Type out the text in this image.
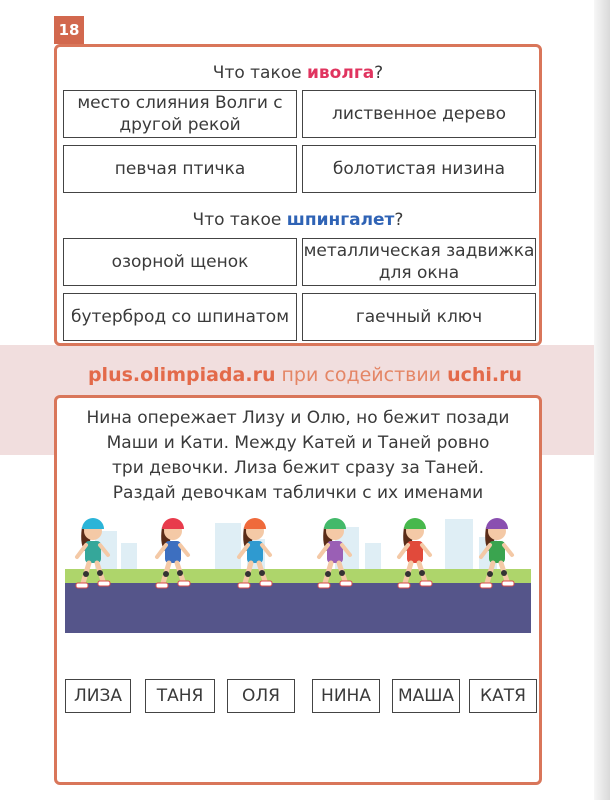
18
Что такое иволга?
место слияния Волги с другой рекой
лиственное дерево
певчая птичка	болотистая низина
Что такое шпингалет?
озорной щенок
металлическая задвижка для окна
бутерброд со шпинатом	гаечный ключ
plus.olimpiada.ru при содействии uchi.ru
Нина опережает Лизу и Олю, но бежит позади
Маши и Кати. Между Катей и Таней ровно
три девочки. Лиза бежит сразу за Таней.
Раздай девочкам таблички с их именами
ЛИЗА	ТАНЯ	ОЛЯ	НИНА	МАША	КАТЯ
